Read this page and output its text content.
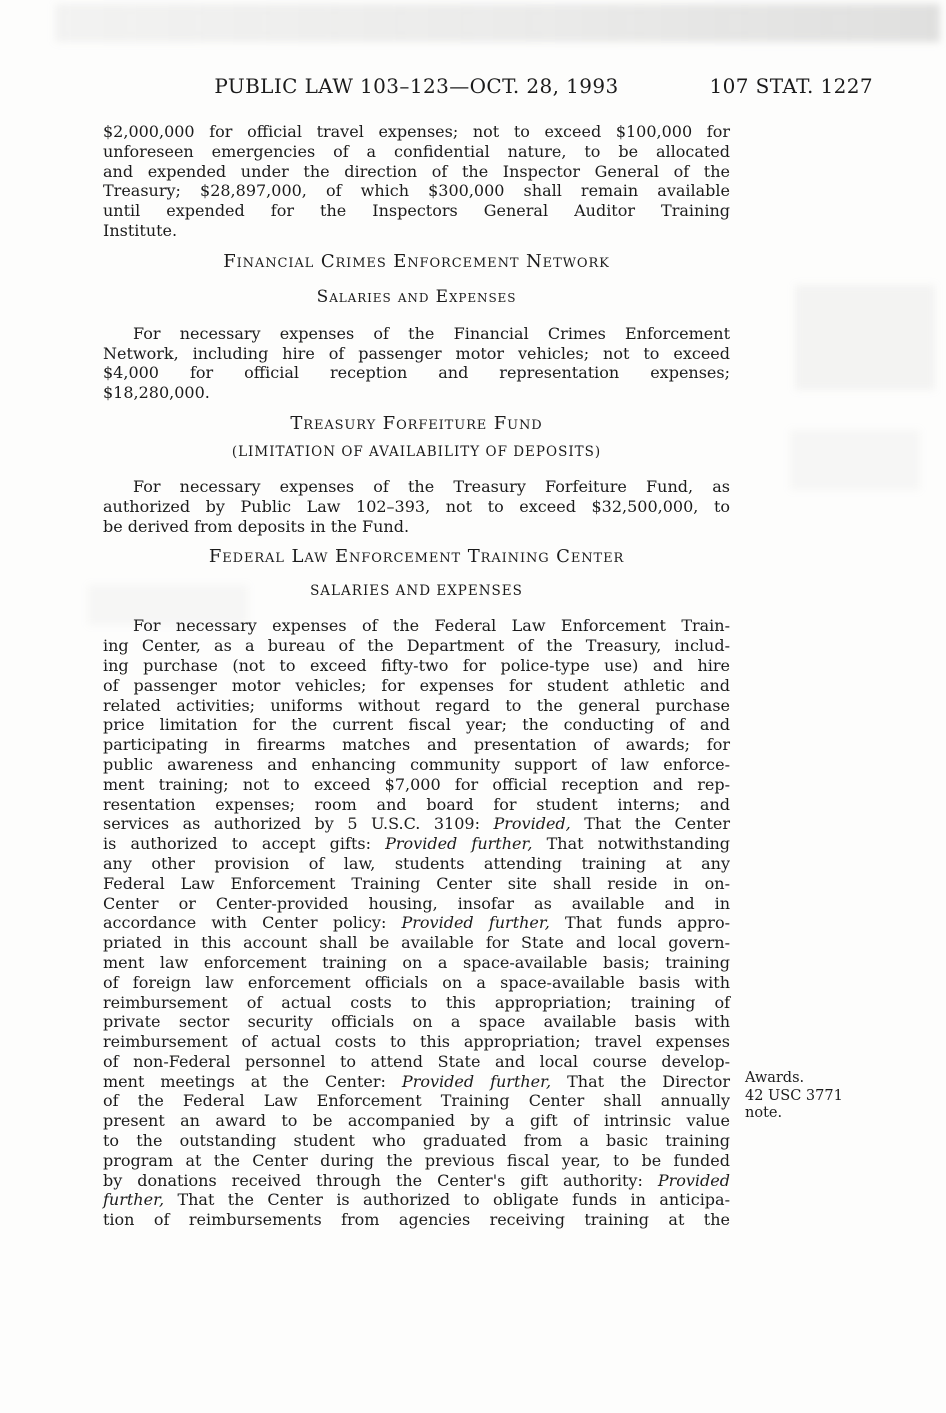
PUBLIC LAW 103–123—OCT. 28, 1993	107 STAT. 1227
$2,000,000 for official travel expenses; not to exceed $100,000 for
unforeseen emergencies of a confidential nature, to be allocated
and expended under the direction of the Inspector General of the
Treasury; $28,897,000, of which $300,000 shall remain available
until expended for the Inspectors General Auditor Training
Institute.
Financial Crimes Enforcement Network
Salaries and Expenses
For necessary expenses of the Financial Crimes Enforcement
Network, including hire of passenger motor vehicles; not to exceed
$4,000 for official reception and representation expenses;
$18,280,000.
Treasury Forfeiture Fund
(LIMITATION OF AVAILABILITY OF DEPOSITS)
For necessary expenses of the Treasury Forfeiture Fund, as
authorized by Public Law 102–393, not to exceed $32,500,000, to
be derived from deposits in the Fund.
Federal Law Enforcement Training Center
SALARIES AND EXPENSES
For necessary expenses of the Federal Law Enforcement Train-
ing Center, as a bureau of the Department of the Treasury, includ-
ing purchase (not to exceed fifty-two for police-type use) and hire
of passenger motor vehicles; for expenses for student athletic and
related activities; uniforms without regard to the general purchase
price limitation for the current fiscal year; the conducting of and
participating in firearms matches and presentation of awards; for
public awareness and enhancing community support of law enforce-
ment training; not to exceed $7,000 for official reception and rep-
resentation expenses; room and board for student interns; and
services as authorized by 5 U.S.C. 3109: Provided, That the Center
is authorized to accept gifts: Provided further, That notwithstanding
any other provision of law, students attending training at any
Federal Law Enforcement Training Center site shall reside in on-
Center or Center-provided housing, insofar as available and in
accordance with Center policy: Provided further, That funds appro-
priated in this account shall be available for State and local govern-
ment law enforcement training on a space-available basis; training
of foreign law enforcement officials on a space-available basis with
reimbursement of actual costs to this appropriation; training of
private sector security officials on a space available basis with
reimbursement of actual costs to this appropriation; travel expenses
of non-Federal personnel to attend State and local course develop-
ment meetings at the Center: Provided further, That the Director
of the Federal Law Enforcement Training Center shall annually
present an award to be accompanied by a gift of intrinsic value
to the outstanding student who graduated from a basic training
program at the Center during the previous fiscal year, to be funded
by donations received through the Center's gift authority: Provided
further, That the Center is authorized to obligate funds in anticipa-
tion of reimbursements from agencies receiving training at the
Awards.
42 USC 3771
note.
